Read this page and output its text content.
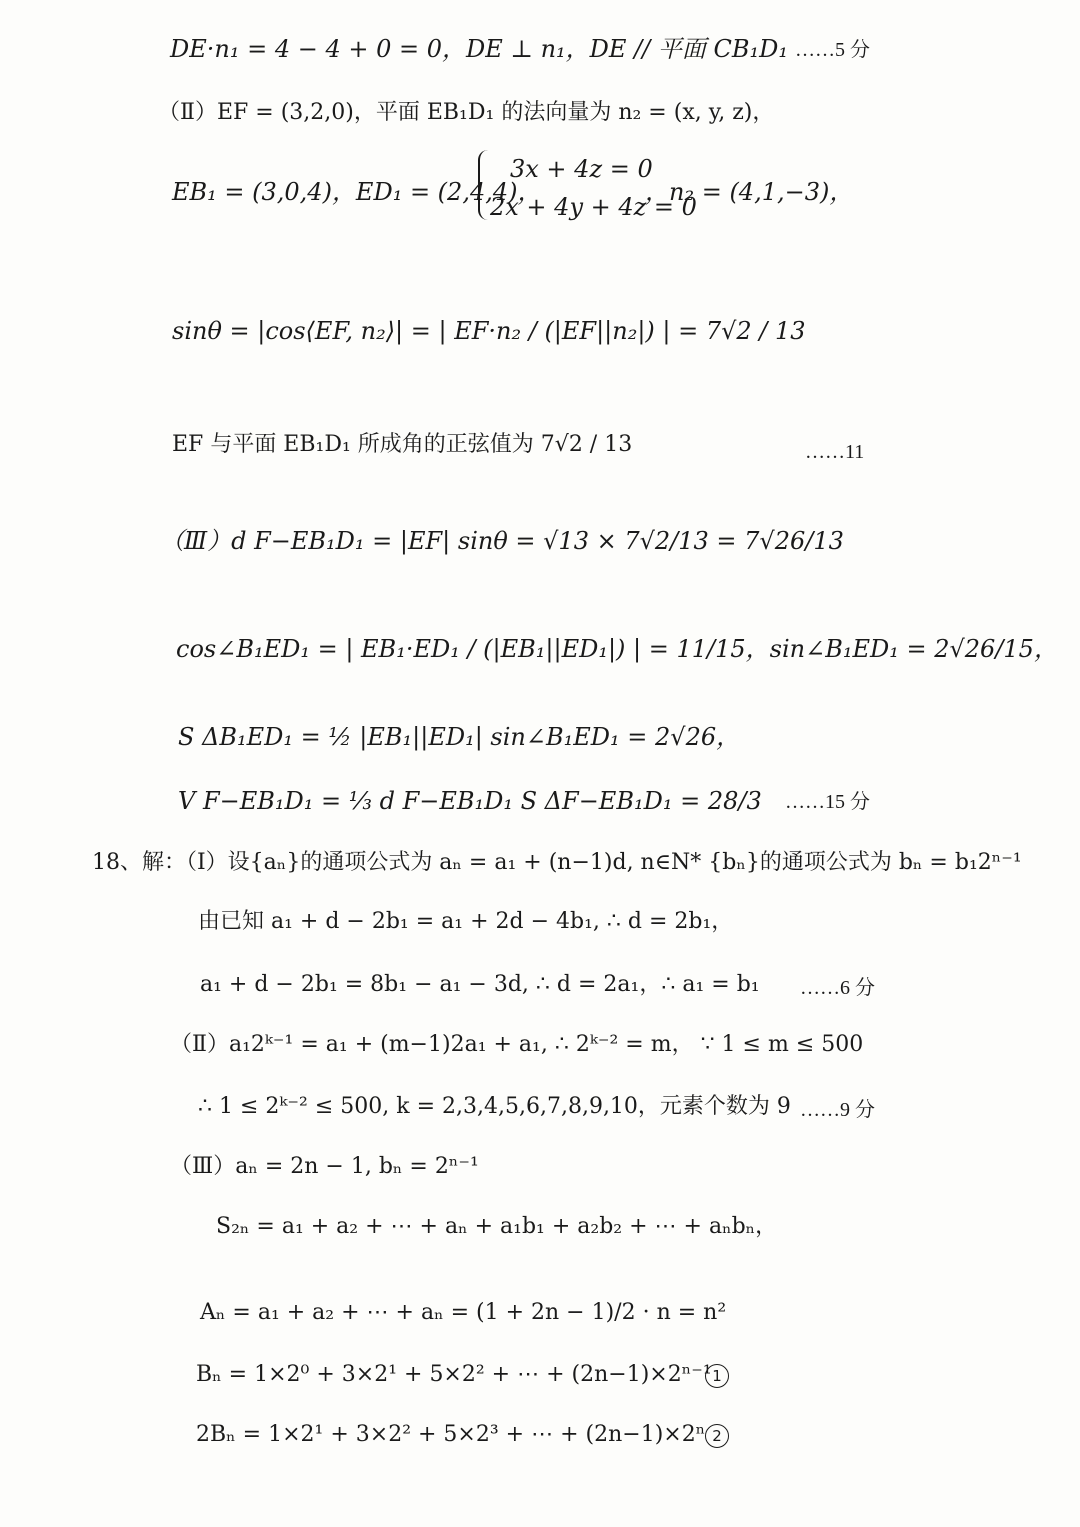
DE·n₁ = 4 − 4 + 0 = 0，DE ⊥ n₁，DE // 平面 CB₁D₁ ……5 分
（Ⅱ）EF = (3,2,0)，平面 EB₁D₁ 的法向量为 n₂ = (x, y, z)，
EB₁ = (3,0,4)，ED₁ = (2,4,4)，
3x + 4z = 0
2x + 4y + 4z = 0
，n₂ = (4,1,−3)，
sinθ = |cos⟨EF, n₂⟩| = | EF·n₂ / (|EF||n₂|) | = 7√2 / 13
EF 与平面 EB₁D₁ 所成角的正弦值为 7√2 / 13	……11
（Ⅲ）d F−EB₁D₁ = |EF| sinθ = √13 × 7√2/13 = 7√26/13
cos∠B₁ED₁ = | EB₁·ED₁ / (|EB₁||ED₁|) | = 11/15，sin∠B₁ED₁ = 2√26/15，
S ΔB₁ED₁ = ½ |EB₁||ED₁| sin∠B₁ED₁ = 2√26，
V F−EB₁D₁ = ⅓ d F−EB₁D₁ S ΔF−EB₁D₁ = 28/3 ……15 分
18、解：（Ⅰ）设{aₙ}的通项公式为 aₙ = a₁ + (n−1)d, n∈N* {bₙ}的通项公式为 bₙ = b₁2ⁿ⁻¹
由已知 a₁ + d − 2b₁ = a₁ + 2d − 4b₁, ∴ d = 2b₁，
a₁ + d − 2b₁ = 8b₁ − a₁ − 3d, ∴ d = 2a₁，∴ a₁ = b₁ ……6 分
（Ⅱ）a₁2ᵏ⁻¹ = a₁ + (m−1)2a₁ + a₁, ∴ 2ᵏ⁻² = m， ∵ 1 ≤ m ≤ 500
∴ 1 ≤ 2ᵏ⁻² ≤ 500, k = 2,3,4,5,6,7,8,9,10，元素个数为 9 ……9 分
（Ⅲ）aₙ = 2n − 1, bₙ = 2ⁿ⁻¹
S₂ₙ = a₁ + a₂ + ⋯ + aₙ + a₁b₁ + a₂b₂ + ⋯ + aₙbₙ，
Aₙ = a₁ + a₂ + ⋯ + aₙ = (1 + 2n − 1)/2 · n = n²
Bₙ = 1×2⁰ + 3×2¹ + 5×2² + ⋯ + (2n−1)×2ⁿ⁻¹ 1
2Bₙ = 1×2¹ + 3×2² + 5×2³ + ⋯ + (2n−1)×2ⁿ 2
